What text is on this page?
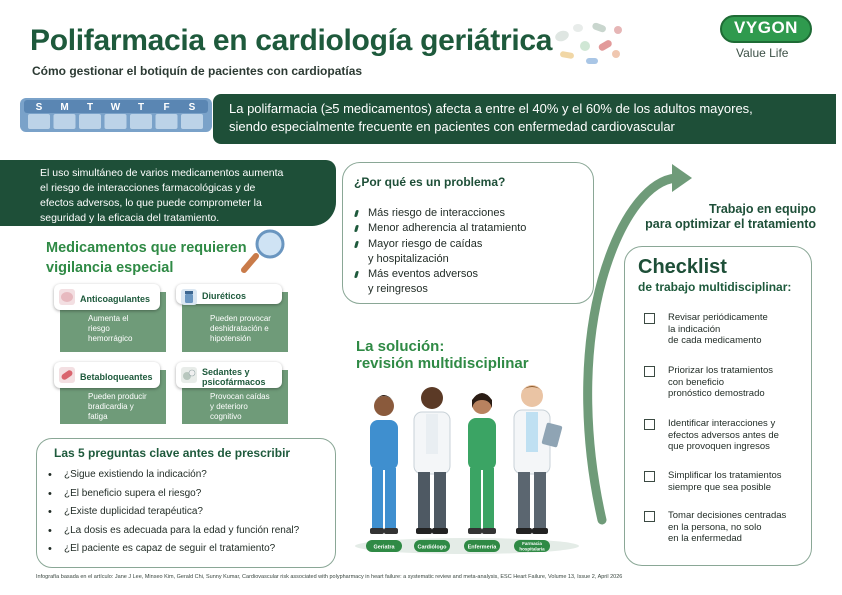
Polifarmacia en cardiología geriátrica
Cómo gestionar el botiquín de pacientes con cardiopatías
VYGON
Value Life
S M T W T F S	La polifarmacia (≥5 medicamentos) afecta a entre el 40% y el 60% de los adultos mayores,

siendo especialmente frecuente en pacientes con enfermedad cardiovascular

El uso simultáneo de varios medicamentos aumenta
el riesgo de interacciones farmacológicas y de
efectos adversos, lo que puede comprometer la
seguridad y la eficacia del tratamiento.
Medicamentos que requieren
vigilancia especial
Anticoagulantes
Aumenta el
riesgo
hemorrágico
Diuréticos
Pueden provocar
deshidratación e
hipotensión
Betabloqueantes
Pueden producir
bradicardia y
fatiga
Sedantes y
psicofármacos
Provocan caídas
y deterioro
cognitivo
Las 5 preguntas clave antes de prescribir
• ¿Sigue existiendo la indicación?
• ¿El beneficio supera el riesgo?
• ¿Existe duplicidad terapéutica?
• ¿La dosis es adecuada para la edad y función renal?
• ¿El paciente es capaz de seguir el tratamiento?
¿Por qué es un problema?
Más riesgo de interacciones
Menor adherencia al tratamiento
Mayor riesgo de caídas
y hospitalización
Más eventos adversos
y reingresos
La solución:
revisión multidisciplinar
Geriatra	Cardiólogo	Enfermería
Farmacia
hospitalaria
Trabajo en equipo
para optimizar el tratamiento
Checklist
de trabajo multidisciplinar:
Revisar periódicamente
la indicación
de cada medicamento
Priorizar los tratamientos
con beneficio
pronóstico demostrado
Identificar interacciones y
efectos adversos antes de
que provoquen ingresos
Simplificar los tratamientos
siempre que sea posible
Tomar decisiones centradas
en la persona, no solo
en la enfermedad
Infografía basada en el artículo: Jane J Lee, Minseo Kim, Gerald Chi, Sunny Kumar, Cardiovascular risk associated with polypharmacy in heart failure: a systematic review and meta-analysis, ESC Heart Failure, Volume 13, Issue 2, April 2026
